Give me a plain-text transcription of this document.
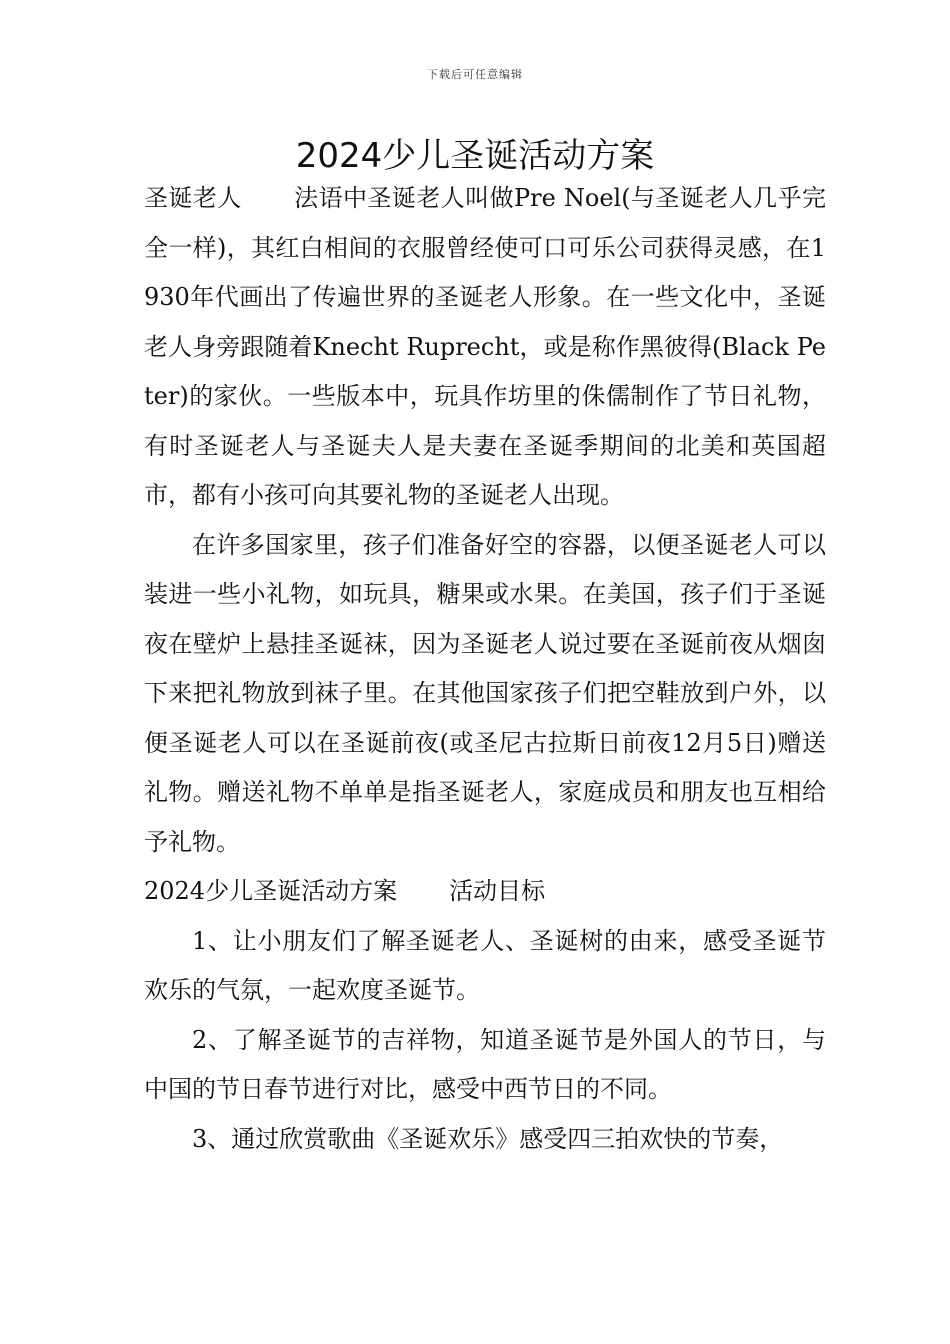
下载后可任意编辑
2024少儿圣诞活动方案

圣诞老人 法语中圣诞老人叫做Pre Noel(与圣诞老人几乎完全一样)，其红白相间的衣服曾经使可口可乐公司获得灵感，在1930年代画出了传遍世界的圣诞老人形象。在一些文化中，圣诞老人身旁跟随着Knecht Ruprecht，或是称作黑彼得(Black Peter)的家伙。一些版本中，玩具作坊里的侏儒制作了节日礼物，有时圣诞老人与圣诞夫人是夫妻在圣诞季期间的北美和英国超市，都有小孩可向其要礼物的圣诞老人出现。

在许多国家里，孩子们准备好空的容器，以便圣诞老人可以装进一些小礼物，如玩具，糖果或水果。在美国，孩子们于圣诞夜在壁炉上悬挂圣诞袜，因为圣诞老人说过要在圣诞前夜从烟囱下来把礼物放到袜子里。在其他国家孩子们把空鞋放到户外，以便圣诞老人可以在圣诞前夜(或圣尼古拉斯日前夜12月5日)赠送礼物。赠送礼物不单单是指圣诞老人，家庭成员和朋友也互相给予礼物。

2024少儿圣诞活动方案 活动目标

1、让小朋友们了解圣诞老人、圣诞树的由来，感受圣诞节欢乐的气氛，一起欢度圣诞节。

2、了解圣诞节的吉祥物，知道圣诞节是外国人的节日，与中国的节日春节进行对比，感受中西节日的不同。

3、通过欣赏歌曲《圣诞欢乐》感受四三拍欢快的节奏，
